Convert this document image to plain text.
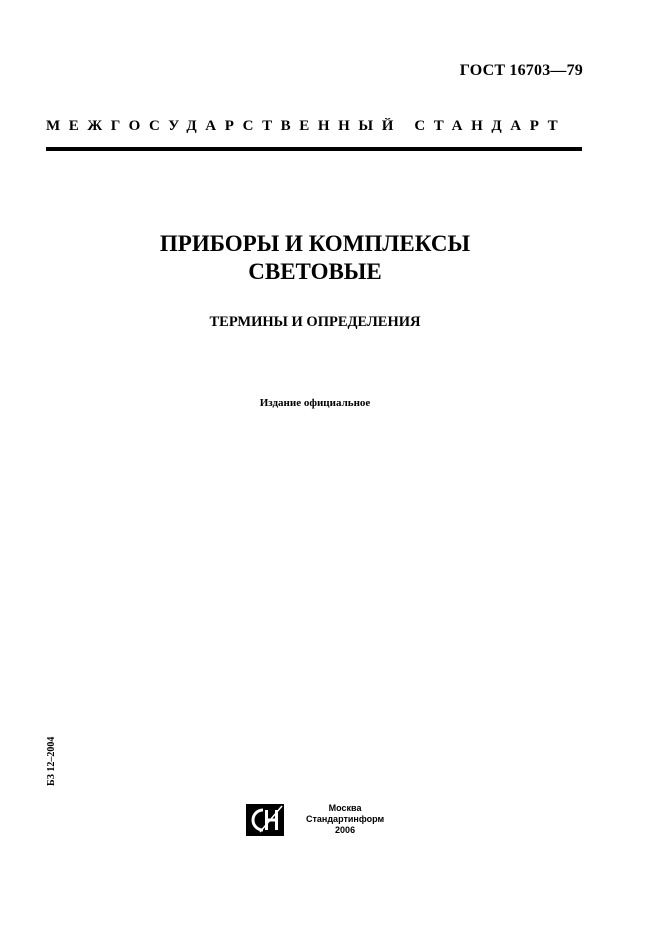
ГОСТ 16703—79
МЕЖГОСУДАРСТВЕННЫЙ СТАНДАРТ
ПРИБОРЫ И КОМПЛЕКСЫ
СВЕТОВЫЕ
ТЕРМИНЫ И ОПРЕДЕЛЕНИЯ
Издание официальное
БЗ 12–2004
Москва
Стандартинформ
2006
